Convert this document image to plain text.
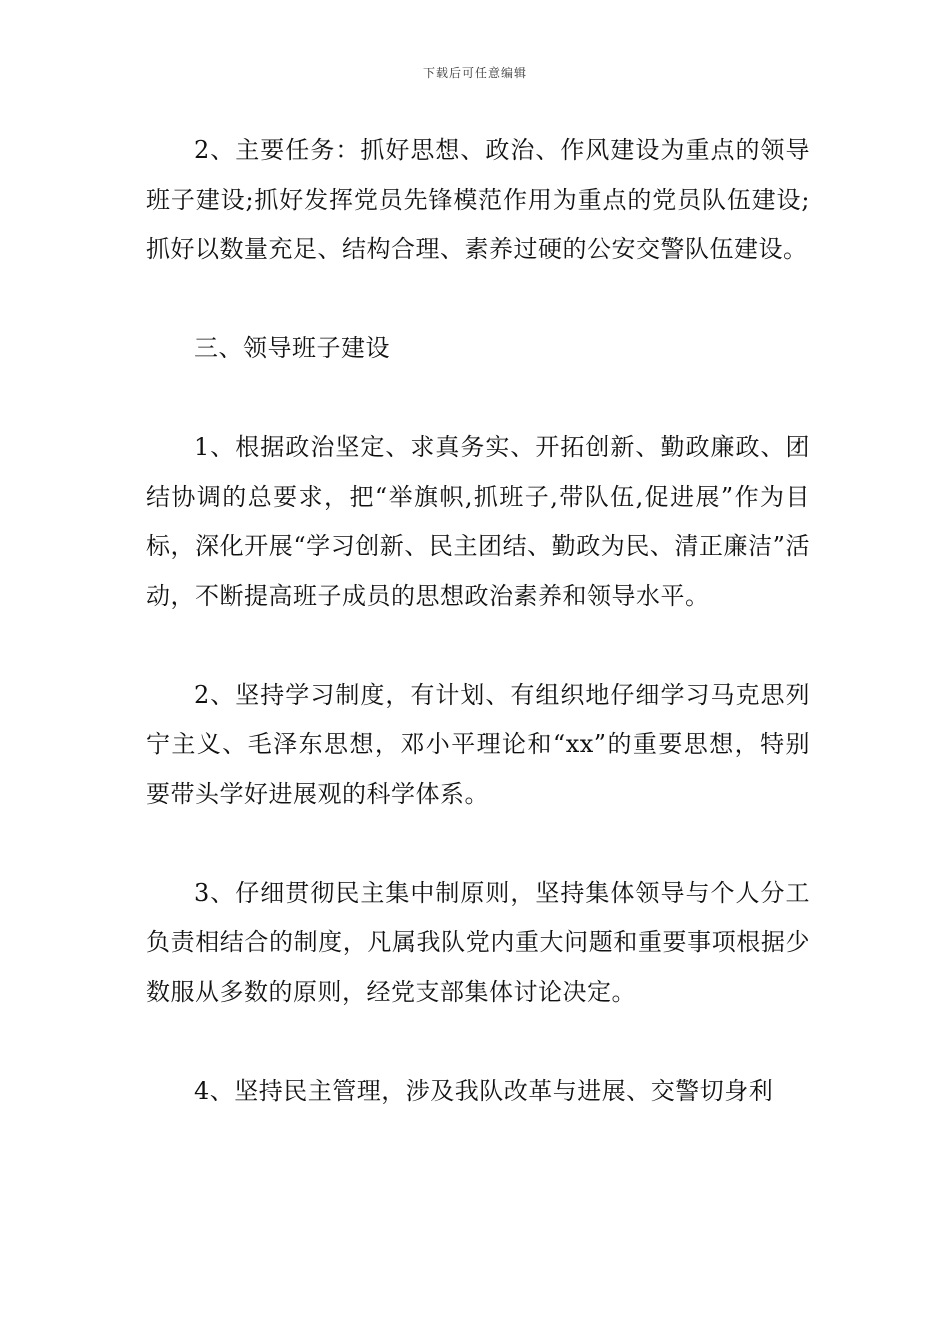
下载后可任意编辑

2、主要任务：抓好思想、政治、作风建设为重点的领导班子建设;抓好发挥党员先锋模范作用为重点的党员队伍建设;抓好以数量充足、结构合理、素养过硬的公安交警队伍建设。

三、领导班子建设

1、根据政治坚定、求真务实、开拓创新、勤政廉政、团结协调的总要求，把“举旗帜,抓班子,带队伍,促进展”作为目标，深化开展“学习创新、民主团结、勤政为民、清正廉洁”活动，不断提高班子成员的思想政治素养和领导水平。

2、坚持学习制度，有计划、有组织地仔细学习马克思列宁主义、毛泽东思想，邓小平理论和“xx”的重要思想，特别要带头学好进展观的科学体系。

3、仔细贯彻民主集中制原则，坚持集体领导与个人分工负责相结合的制度，凡属我队党内重大问题和重要事项根据少数服从多数的原则，经党支部集体讨论决定。

4、坚持民主管理，涉及我队改革与进展、交警切身利
